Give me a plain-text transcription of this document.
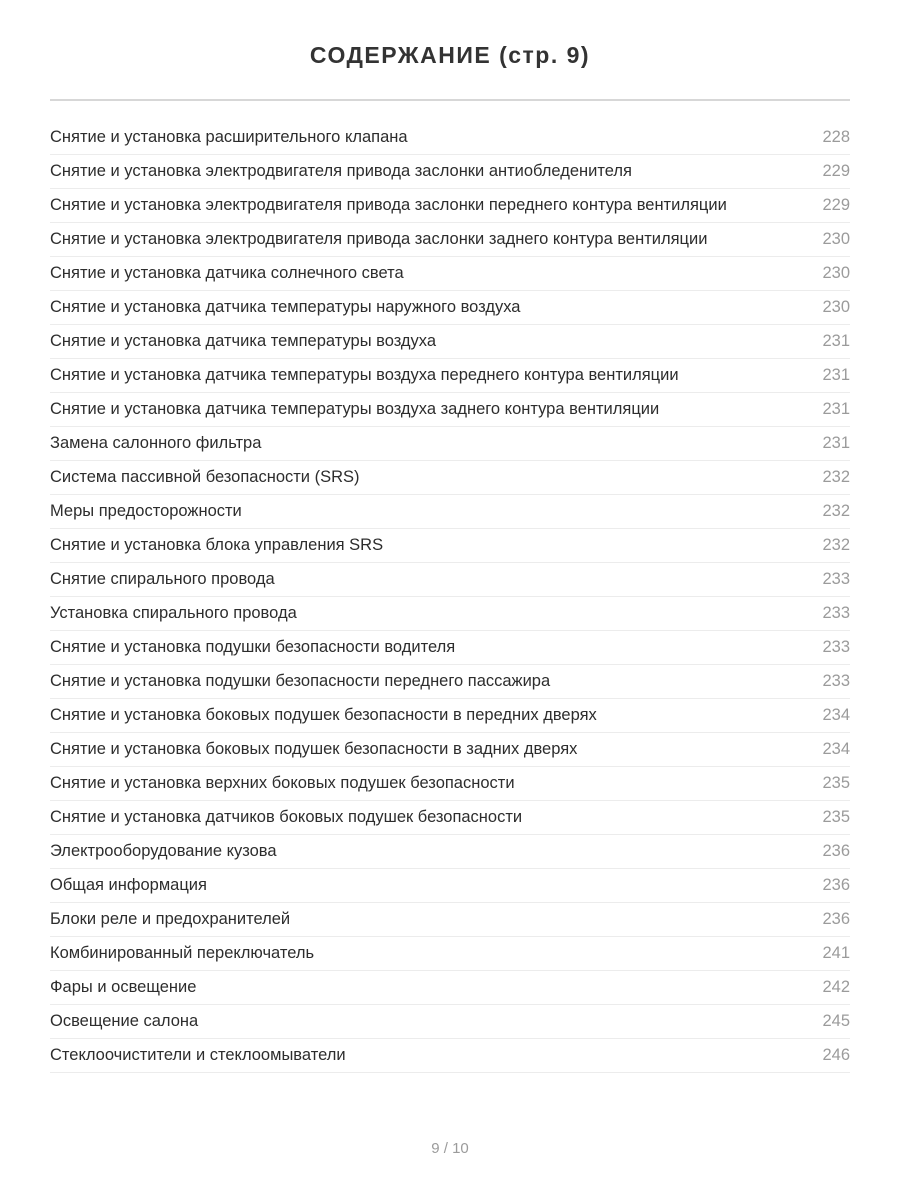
СОДЕРЖАНИЕ (стр. 9)
Снятие и установка расширительного клапана	228
Снятие и установка электродвигателя привода заслонки антиобледенителя	229
Снятие и установка электродвигателя привода заслонки переднего контура вентиляции	229
Снятие и установка электродвигателя привода заслонки заднего контура вентиляции	230
Снятие и установка датчика солнечного света	230
Снятие и установка датчика температуры наружного воздуха	230
Снятие и установка датчика температуры воздуха	231
Снятие и установка датчика температуры воздуха переднего контура вентиляции	231
Снятие и установка датчика температуры воздуха заднего контура вентиляции	231
Замена салонного фильтра	231
Система пассивной безопасности (SRS)	232
Меры предосторожности	232
Снятие и установка блока управления SRS	232
Снятие спирального провода	233
Установка спирального провода	233
Снятие и установка подушки безопасности водителя	233
Снятие и установка подушки безопасности переднего пассажира	233
Снятие и установка боковых подушек безопасности в передних дверях	234
Снятие и установка боковых подушек безопасности в задних дверях	234
Снятие и установка верхних боковых подушек безопасности	235
Снятие и установка датчиков боковых подушек безопасности	235
Электрооборудование кузова	236
Общая информация	236
Блоки реле и предохранителей	236
Комбинированный переключатель	241
Фары и освещение	242
Освещение салона	245
Стеклоочистители и стеклоомыватели	246
9 / 10
